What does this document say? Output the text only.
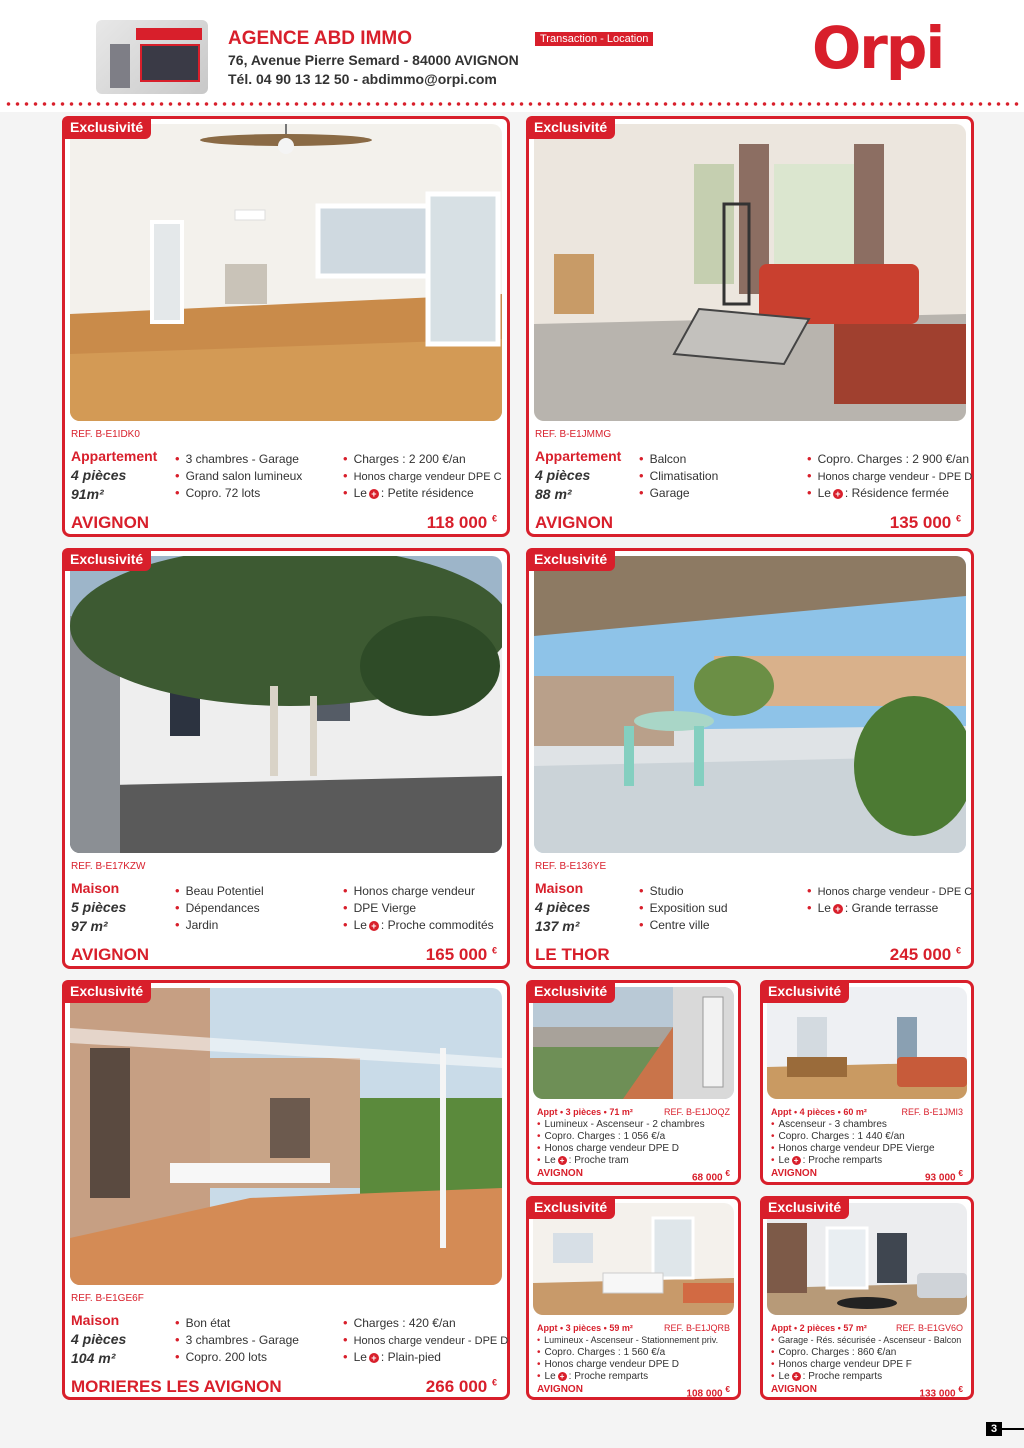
AGENCE ABD IMMO
76, Avenue Pierre Semard - 84000 AVIGNON
Tél. 04 90 13 12 50 - abdimmo@orpi.com
Transaction - Location	Orpi
Exclusivité
REF. B-E1IDK0
Appartement
4 pièces
91m²
• 3 chambres - Garage
• Grand salon lumineux
• Copro. 72 lots
• Charges : 2 200 €/an
• Honos charge vendeur DPE C
• Le + : Petite résidence
AVIGNON	118 000 €
Exclusivité
REF. B-E1JMMG
Appartement
4 pièces
88 m²
• Balcon
• Climatisation
• Garage
• Copro. Charges : 2 900 €/an
• Honos charge vendeur - DPE D
• Le + : Résidence fermée
AVIGNON	135 000 €
Exclusivité
REF. B-E17KZW
Maison
5 pièces
97 m²
• Beau Potentiel
• Dépendances
• Jardin
• Honos charge vendeur
• DPE Vierge
• Le + : Proche commodités
AVIGNON	165 000 €
Exclusivité
REF. B-E136YE
Maison
4 pièces
137 m²
• Studio
• Exposition sud
• Centre ville
• Honos charge vendeur - DPE C
• Le + : Grande terrasse
LE THOR	245 000 €
Exclusivité
REF. B-E1GE6F
Maison
4 pièces
104 m²
• Bon état
• 3 chambres - Garage
• Copro. 200 lots
• Charges : 420 €/an
• Honos charge vendeur - DPE D
• Le + : Plain-pied
MORIERES LES AVIGNON	266 000 €
Exclusivité
Appt • 3 pièces • 71 m²	REF. B-E1JOQZ
• Lumineux - Ascenseur - 2 chambres
• Copro. Charges : 1 056 €/a
• Honos charge vendeur DPE D
• Le + : Proche tram
AVIGNON	68 000 €
Exclusivité
Appt • 4 pièces • 60 m²	REF. B-E1JMI3
• Ascenseur - 3 chambres
• Copro. Charges : 1 440 €/an
• Honos charge vendeur DPE Vierge
• Le + : Proche remparts
AVIGNON	93 000 €
Exclusivité
Appt • 3 pièces • 59 m²	REF. B-E1JQRB
• Lumineux - Ascenseur - Stationnement priv.
• Copro. Charges : 1 560 €/a
• Honos charge vendeur DPE D
• Le + : Proche remparts
AVIGNON	108 000 €
Exclusivité
Appt • 2 pièces • 57 m²	REF. B-E1GV6O
• Garage - Rés. sécurisée - Ascenseur - Balcon
• Copro. Charges : 860 €/an
• Honos charge vendeur DPE F
• Le + : Proche remparts
AVIGNON	133 000 €
3
